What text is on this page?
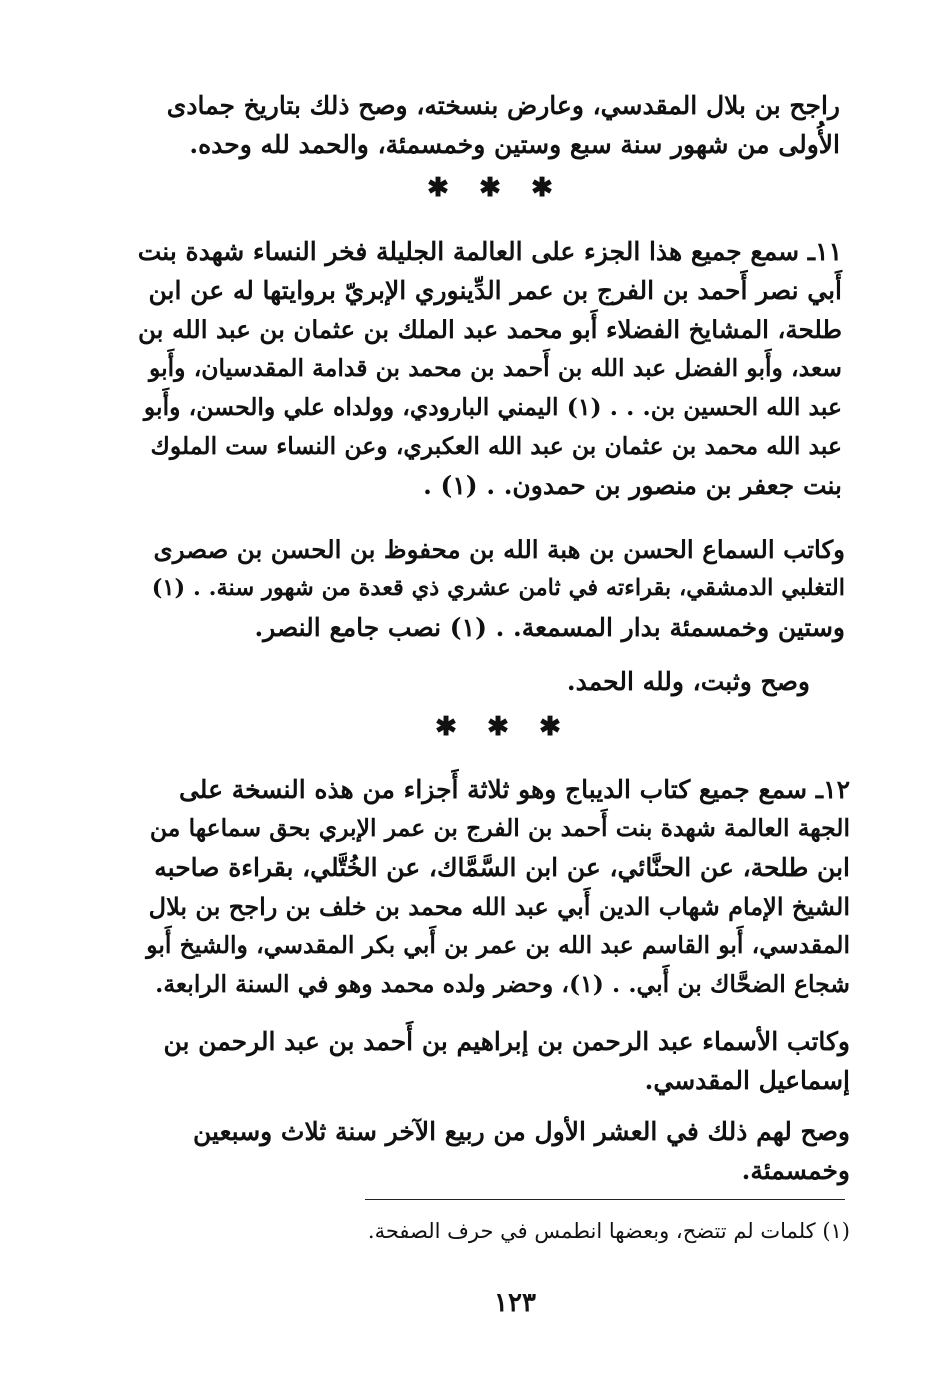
راجح بن بلال المقدسي، وعارض بنسخته، وصح ذلك بتاريخ جمادى
الأُولى من شهور سنة سبع وستين وخمسمئة، والحمد لله وحده.
✱ ✱ ✱
١١ـ سمع جميع هذا الجزء على العالمة الجليلة فخر النساء شهدة بنت
أَبي نصر أَحمد بن الفرج بن عمر الدِّينوري الإبريّ بروايتها له عن ابن
طلحة، المشايخ الفضلاء أَبو محمد عبد الملك بن عثمان بن عبد الله بن
سعد، وأَبو الفضل عبد الله بن أَحمد بن محمد بن قدامة المقدسيان، وأَبو
عبد الله الحسين بن. . . (١) اليمني البارودي، وولداه علي والحسن، وأَبو
عبد الله محمد بن عثمان بن عبد الله العكبري، وعن النساء ست الملوك
بنت جعفر بن منصور بن حمدون. . (١) .
وكاتب السماع الحسن بن هبة الله بن محفوظ بن الحسن بن صصرى
التغلبي الدمشقي، بقراءته في ثامن عشري ذي قعدة من شهور سنة. . (١)
وستين وخمسمئة بدار المسمعة. . (١) نصب جامع النصر.
وصح وثبت، ولله الحمد.
✱ ✱ ✱
١٢ـ سمع جميع كتاب الديباج وهو ثلاثة أَجزاء من هذه النسخة على
الجهة العالمة شهدة بنت أَحمد بن الفرج بن عمر الإبري بحق سماعها من
ابن طلحة، عن الحنَّائي، عن ابن السَّمَّاك، عن الخُتَّلي، بقراءة صاحبه
الشيخ الإمام شهاب الدين أَبي عبد الله محمد بن خلف بن راجح بن بلال
المقدسي، أَبو القاسم عبد الله بن عمر بن أَبي بكر المقدسي، والشيخ أَبو
شجاع الضحَّاك بن أَبي. . (١)، وحضر ولده محمد وهو في السنة الرابعة.
وكاتب الأسماء عبد الرحمن بن إبراهيم بن أَحمد بن عبد الرحمن بن
إسماعيل المقدسي.
وصح لهم ذلك في العشر الأول من ربيع الآخر سنة ثلاث وسبعين
وخمسمئة.
(١) كلمات لم تتضح، وبعضها انطمس في حرف الصفحة.
١٢٣
